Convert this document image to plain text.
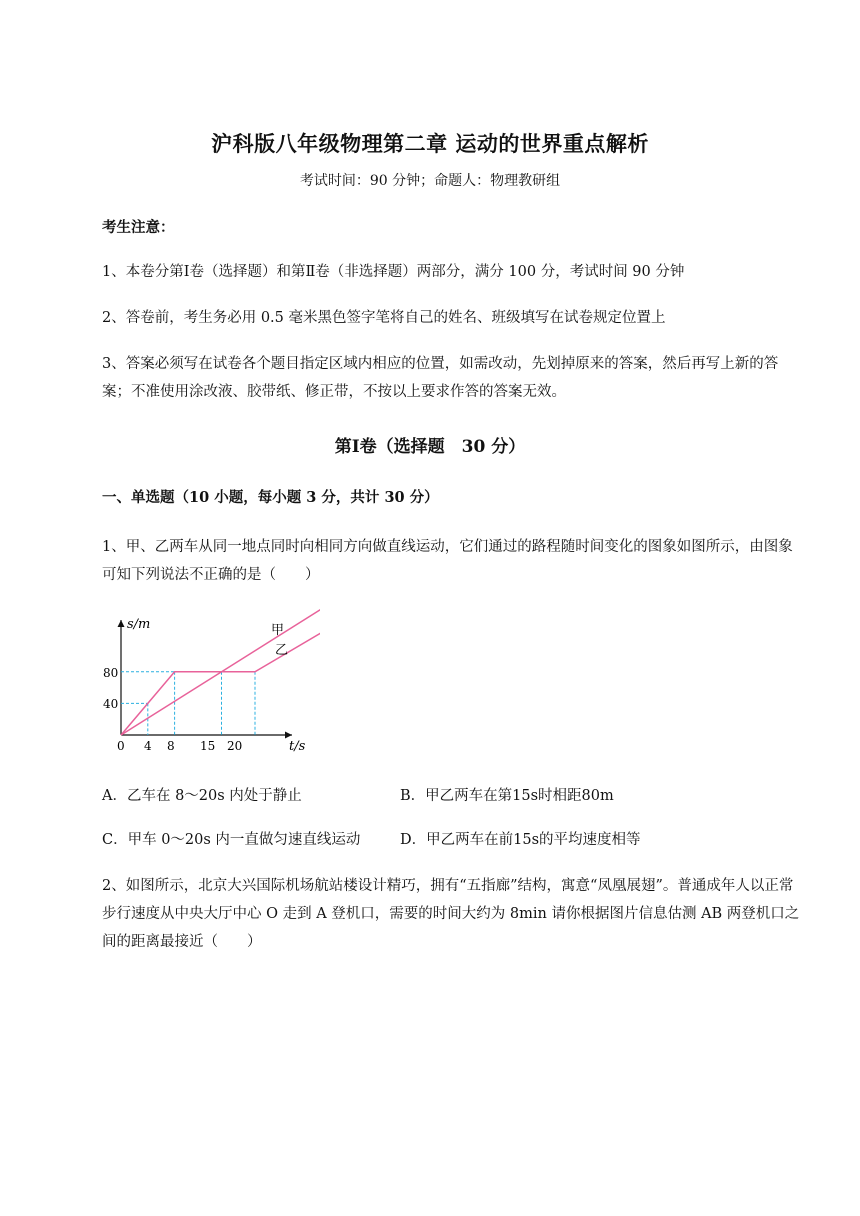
沪科版八年级物理第二章 运动的世界重点解析
考试时间：90 分钟；命题人：物理教研组
考生注意：
1、本卷分第Ⅰ卷（选择题）和第Ⅱ卷（非选择题）两部分，满分 100 分，考试时间 90 分钟
2、答卷前，考生务必用 0.5 毫米黑色签字笔将自己的姓名、班级填写在试卷规定位置上
3、答案必须写在试卷各个题目指定区域内相应的位置，如需改动，先划掉原来的答案，然后再写上新的答案；不准使用涂改液、胶带纸、修正带，不按以上要求作答的答案无效。
第Ⅰ卷（选择题　30 分）
一、单选题（10 小题，每小题 3 分，共计 30 分）
1、甲、乙两车从同一地点同时向相同方向做直线运动，它们通过的路程随时间变化的图象如图所示，由图象可知下列说法不正确的是（　　）
s/m
t/s
0 4 8 15 20
40
80
甲
乙
A．乙车在 8～20s 内处于静止	B．甲乙两车在第15s时相距80m
C．甲车 0～20s 内一直做匀速直线运动	D．甲乙两车在前15s的平均速度相等
2、如图所示，北京大兴国际机场航站楼设计精巧，拥有“五指廊”结构，寓意“凤凰展翅”。普通成年人以正常步行速度从中央大厅中心 O 走到 A 登机口，需要的时间大约为 8min 请你根据图片信息估测 AB 两登机口之间的距离最接近（　　）
